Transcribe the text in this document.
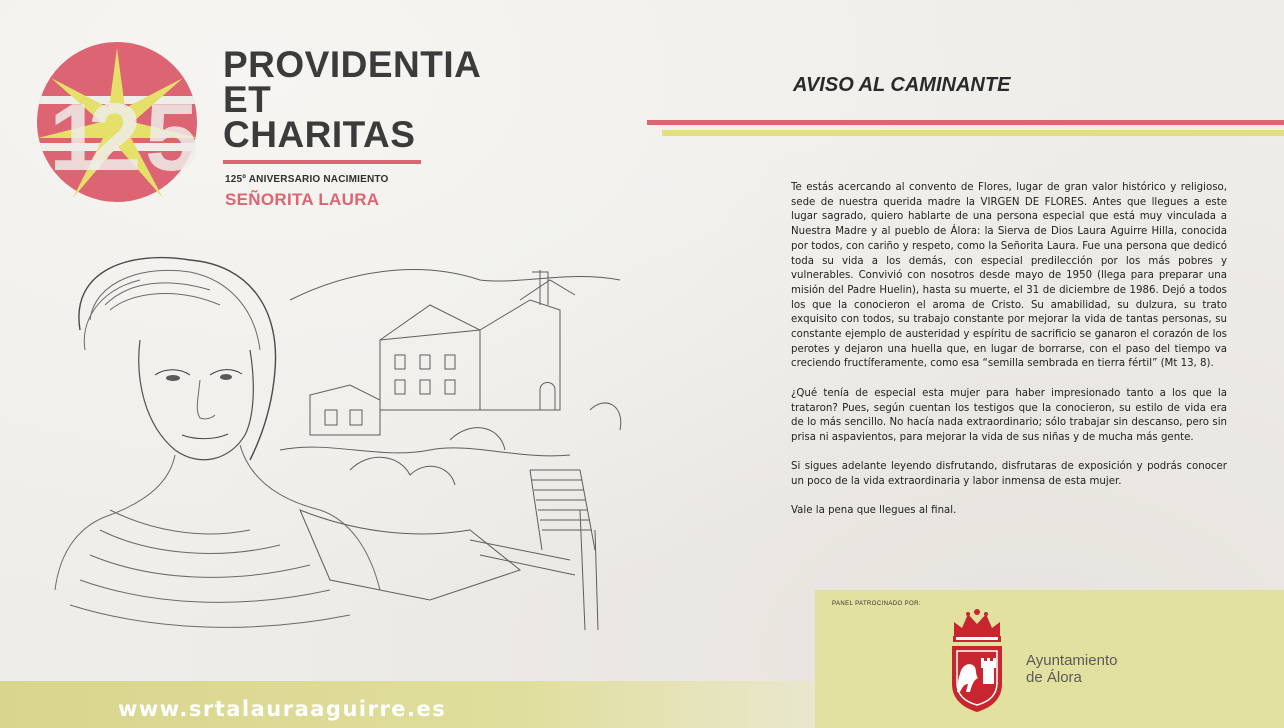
1
2 5
PROVIDENTIA
ET
CHARITAS
125º ANIVERSARIO NACIMIENTO
SEÑORITA LAURA
AVISO AL CAMINANTE

Te estás acercando al convento de Flores, lugar de gran valor histórico y religioso, sede de nuestra querida madre la VIRGEN DE FLORES. Antes que llegues a este lugar sagrado, quiero hablarte de una persona especial que está muy vinculada a Nuestra Madre y al pueblo de Álora: la Sierva de Dios Laura Aguirre Hilla, conocida por todos, con cariño y respeto, como la Señorita Laura. Fue una persona que dedicó toda su vida a los demás, con especial predilección por los más pobres y vulnerables. Convivió con nosotros desde mayo de 1950 (llega para preparar una misión del Padre Huelin), hasta su muerte, el 31 de diciembre de 1986. Dejó a todos los que la conocieron el aroma de Cristo. Su amabilidad, su dulzura, su trato exquisito con todos, su trabajo constante por mejorar la vida de tantas personas, su constante ejemplo de austeridad y espíritu de sacrificio se ganaron el corazón de los perotes y dejaron una huella que, en lugar de borrarse, con el paso del tiempo va creciendo fructíferamente, como esa “semilla sembrada en tierra fértil” (Mt 13, 8).

¿Qué tenía de especial esta mujer para haber impresionado tanto a los que la trataron? Pues, según cuentan los testigos que la conocieron, su estilo de vida era de lo más sencillo. No hacía nada extraordinario; sólo trabajar sin descanso, pero sin prisa ni aspavientos, para mejorar la vida de sus niñas y de mucha más gente.

Si sigues adelante leyendo disfrutando, disfrutaras de exposición y podrás conocer un poco de la vida extraordinaria y labor inmensa de esta mujer.

Vale la pena que llegues al final.

www.srtalauraaguirre.es
PANEL PATROCINADO POR:
Ayuntamiento
de Álora
